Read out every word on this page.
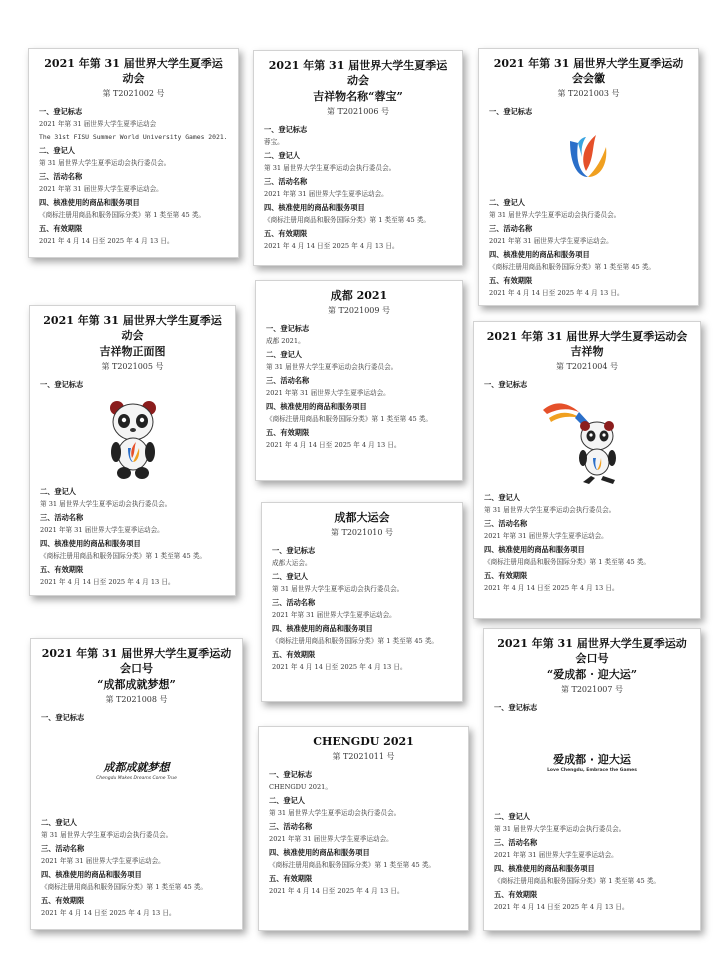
2021 年第 31 届世界大学生夏季运动会
第 T2021002 号
一、登记标志
2021 年第 31 届世界大学生夏季运动会
The 31st FISU Summer World University Games 2021.
二、登记人
第 31 届世界大学生夏季运动会执行委员会。
三、活动名称
2021 年第 31 届世界大学生夏季运动会。
四、核准使用的商品和服务项目
《商标注册用商品和服务国际分类》第 1 类至第 45 类。
五、有效期限
2021 年 4 月 14 日至 2025 年 4 月 13 日。
2021 年第 31 届世界大学生夏季运动会
吉祥物名称“蓉宝”
第 T2021006 号
一、登记标志
蓉宝。
二、登记人
第 31 届世界大学生夏季运动会执行委员会。
三、活动名称
2021 年第 31 届世界大学生夏季运动会。
四、核准使用的商品和服务项目
《商标注册用商品和服务国际分类》第 1 类至第 45 类。
五、有效期限
2021 年 4 月 14 日至 2025 年 4 月 13 日。
2021 年第 31 届世界大学生夏季运动会会徽
第 T2021003 号
一、登记标志
二、登记人
第 31 届世界大学生夏季运动会执行委员会。
三、活动名称
2021 年第 31 届世界大学生夏季运动会。
四、核准使用的商品和服务项目
《商标注册用商品和服务国际分类》第 1 类至第 45 类。
五、有效期限
2021 年 4 月 14 日至 2025 年 4 月 13 日。
2021 年第 31 届世界大学生夏季运动会
吉祥物正面图
第 T2021005 号
一、登记标志
二、登记人
第 31 届世界大学生夏季运动会执行委员会。
三、活动名称
2021 年第 31 届世界大学生夏季运动会。
四、核准使用的商品和服务项目
《商标注册用商品和服务国际分类》第 1 类至第 45 类。
五、有效期限
2021 年 4 月 14 日至 2025 年 4 月 13 日。
成都 2021
第 T2021009 号
一、登记标志
成都 2021。
二、登记人
第 31 届世界大学生夏季运动会执行委员会。
三、活动名称
2021 年第 31 届世界大学生夏季运动会。
四、核准使用的商品和服务项目
《商标注册用商品和服务国际分类》第 1 类至第 45 类。
五、有效期限
2021 年 4 月 14 日至 2025 年 4 月 13 日。
2021 年第 31 届世界大学生夏季运动会吉祥物
第 T2021004 号
一、登记标志
二、登记人
第 31 届世界大学生夏季运动会执行委员会。
三、活动名称
2021 年第 31 届世界大学生夏季运动会。
四、核准使用的商品和服务项目
《商标注册用商品和服务国际分类》第 1 类至第 45 类。
五、有效期限
2021 年 4 月 14 日至 2025 年 4 月 13 日。
成都大运会
第 T2021010 号
一、登记标志
成都大运会。
二、登记人
第 31 届世界大学生夏季运动会执行委员会。
三、活动名称
2021 年第 31 届世界大学生夏季运动会。
四、核准使用的商品和服务项目
《商标注册用商品和服务国际分类》第 1 类至第 45 类。
五、有效期限
2021 年 4 月 14 日至 2025 年 4 月 13 日。
2021 年第 31 届世界大学生夏季运动会口号
“成都成就梦想”
第 T2021008 号
一、登记标志
成都成就梦想
Chengdu Makes Dreams Come True
二、登记人
第 31 届世界大学生夏季运动会执行委员会。
三、活动名称
2021 年第 31 届世界大学生夏季运动会。
四、核准使用的商品和服务项目
《商标注册用商品和服务国际分类》第 1 类至第 45 类。
五、有效期限
2021 年 4 月 14 日至 2025 年 4 月 13 日。
CHENGDU 2021
第 T2021011 号
一、登记标志
CHENGDU 2021。
二、登记人
第 31 届世界大学生夏季运动会执行委员会。
三、活动名称
2021 年第 31 届世界大学生夏季运动会。
四、核准使用的商品和服务项目
《商标注册用商品和服务国际分类》第 1 类至第 45 类。
五、有效期限
2021 年 4 月 14 日至 2025 年 4 月 13 日。
2021 年第 31 届世界大学生夏季运动会口号
“爱成都 · 迎大运”
第 T2021007 号
一、登记标志
爱成都 · 迎大运
Love Chengdu, Embrace the Games
二、登记人
第 31 届世界大学生夏季运动会执行委员会。
三、活动名称
2021 年第 31 届世界大学生夏季运动会。
四、核准使用的商品和服务项目
《商标注册用商品和服务国际分类》第 1 类至第 45 类。
五、有效期限
2021 年 4 月 14 日至 2025 年 4 月 13 日。
